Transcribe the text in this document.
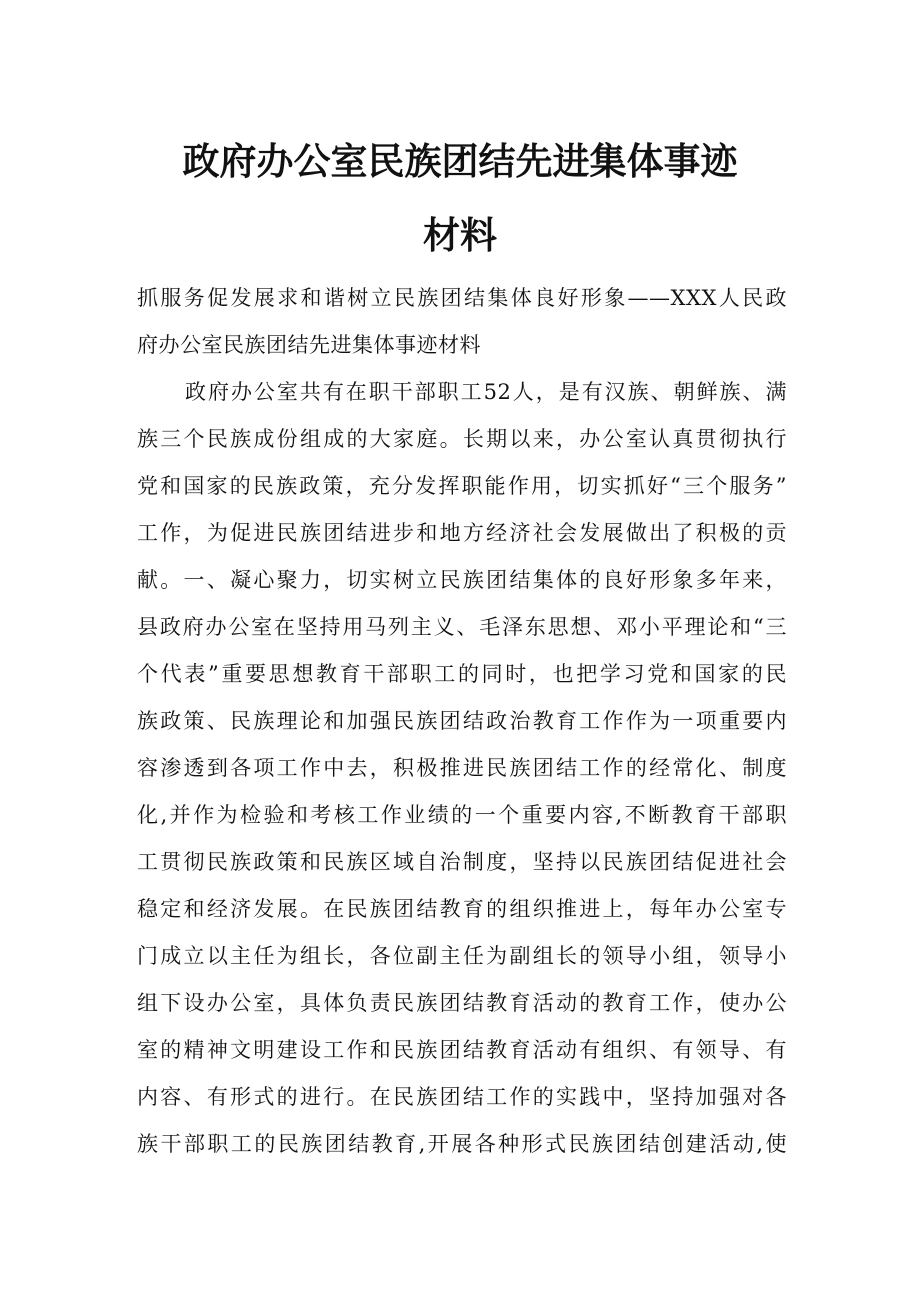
政府办公室民族团结先进集体事迹
材料
抓服务促发展求和谐树立民族团结集体良好形象——XXX人民政
府办公室民族团结先进集体事迹材料
政府办公室共有在职干部职工52人，是有汉族、朝鲜族、满
族三个民族成份组成的大家庭。长期以来，办公室认真贯彻执行
党和国家的民族政策，充分发挥职能作用，切实抓好“三个服务”
工作，为促进民族团结进步和地方经济社会发展做出了积极的贡
献。一、凝心聚力，切实树立民族团结集体的良好形象多年来，
县政府办公室在坚持用马列主义、毛泽东思想、邓小平理论和“三
个代表”重要思想教育干部职工的同时，也把学习党和国家的民
族政策、民族理论和加强民族团结政治教育工作作为一项重要内
容渗透到各项工作中去，积极推进民族团结工作的经常化、制度
化,并作为检验和考核工作业绩的一个重要内容,不断教育干部职
工贯彻民族政策和民族区域自治制度，坚持以民族团结促进社会
稳定和经济发展。在民族团结教育的组织推进上，每年办公室专
门成立以主任为组长，各位副主任为副组长的领导小组，领导小
组下设办公室，具体负责民族团结教育活动的教育工作，使办公
室的精神文明建设工作和民族团结教育活动有组织、有领导、有
内容、有形式的进行。在民族团结工作的实践中，坚持加强对各
族干部职工的民族团结教育,开展各种形式民族团结创建活动,使
